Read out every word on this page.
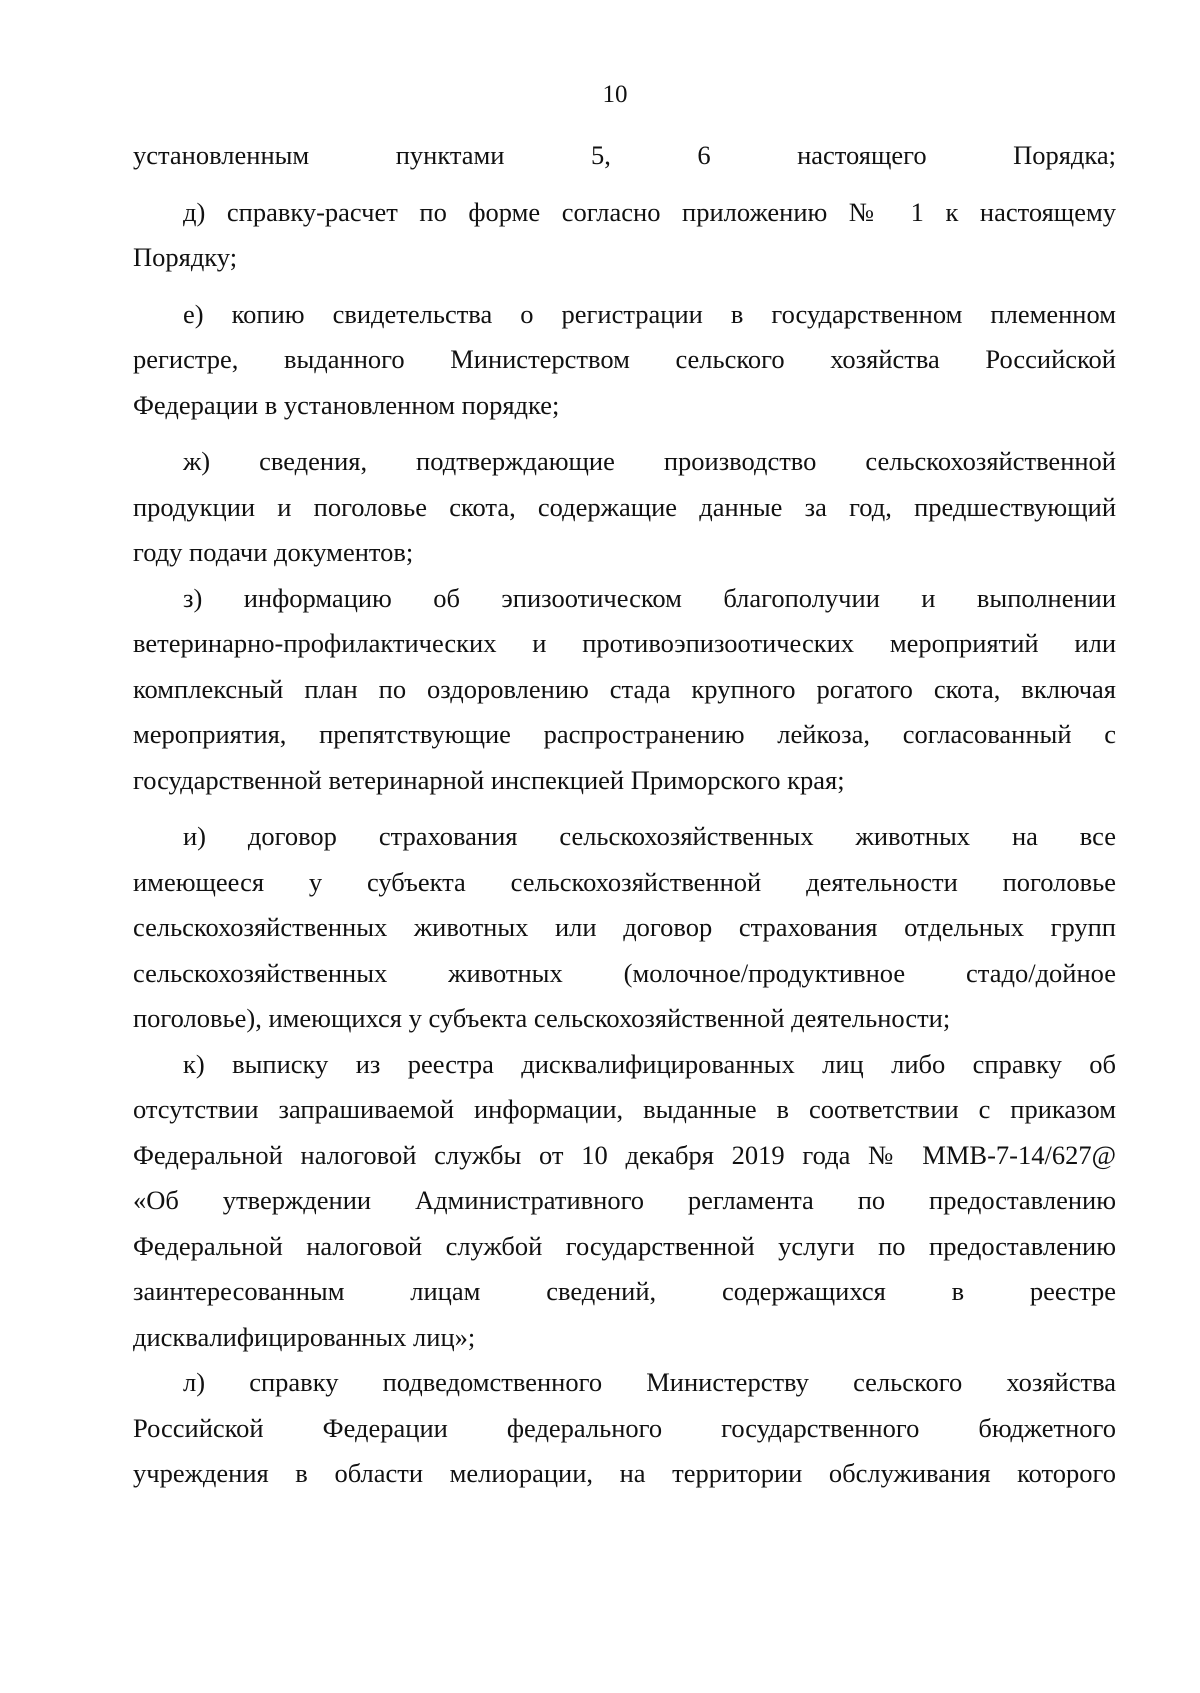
10

установленным пунктами 5, 6 настоящего Порядка;

д) справку-расчет по форме согласно приложению № 1 к настоящему
Порядку;

е) копию свидетельства о регистрации в государственном племенном
регистре, выданного Министерством сельского хозяйства Российской
Федерации в установленном порядке;

ж) сведения, подтверждающие производство сельскохозяйственной
продукции и поголовье скота, содержащие данные за год, предшествующий
году подачи документов;

з) информацию об эпизоотическом благополучии и выполнении
ветеринарно-профилактических и противоэпизоотических мероприятий или
комплексный план по оздоровлению стада крупного рогатого скота, включая
мероприятия, препятствующие распространению лейкоза, согласованный с
государственной ветеринарной инспекцией Приморского края;

и) договор страхования сельскохозяйственных животных на все
имеющееся у субъекта сельскохозяйственной деятельности поголовье
сельскохозяйственных животных или договор страхования отдельных групп
сельскохозяйственных животных (молочное/продуктивное стадо/дойное
поголовье), имеющихся у субъекта сельскохозяйственной деятельности;

к) выписку из реестра дисквалифицированных лиц либо справку об
отсутствии запрашиваемой информации, выданные в соответствии с приказом
Федеральной налоговой службы от 10 декабря 2019 года № ММВ-7-14/627@
«Об утверждении Административного регламента по предоставлению
Федеральной налоговой службой государственной услуги по предоставлению
заинтересованным лицам сведений, содержащихся в реестре
дисквалифицированных лиц»;

л) справку подведомственного Министерству сельского хозяйства
Российской Федерации федерального государственного бюджетного
учреждения в области мелиорации, на территории обслуживания которого
